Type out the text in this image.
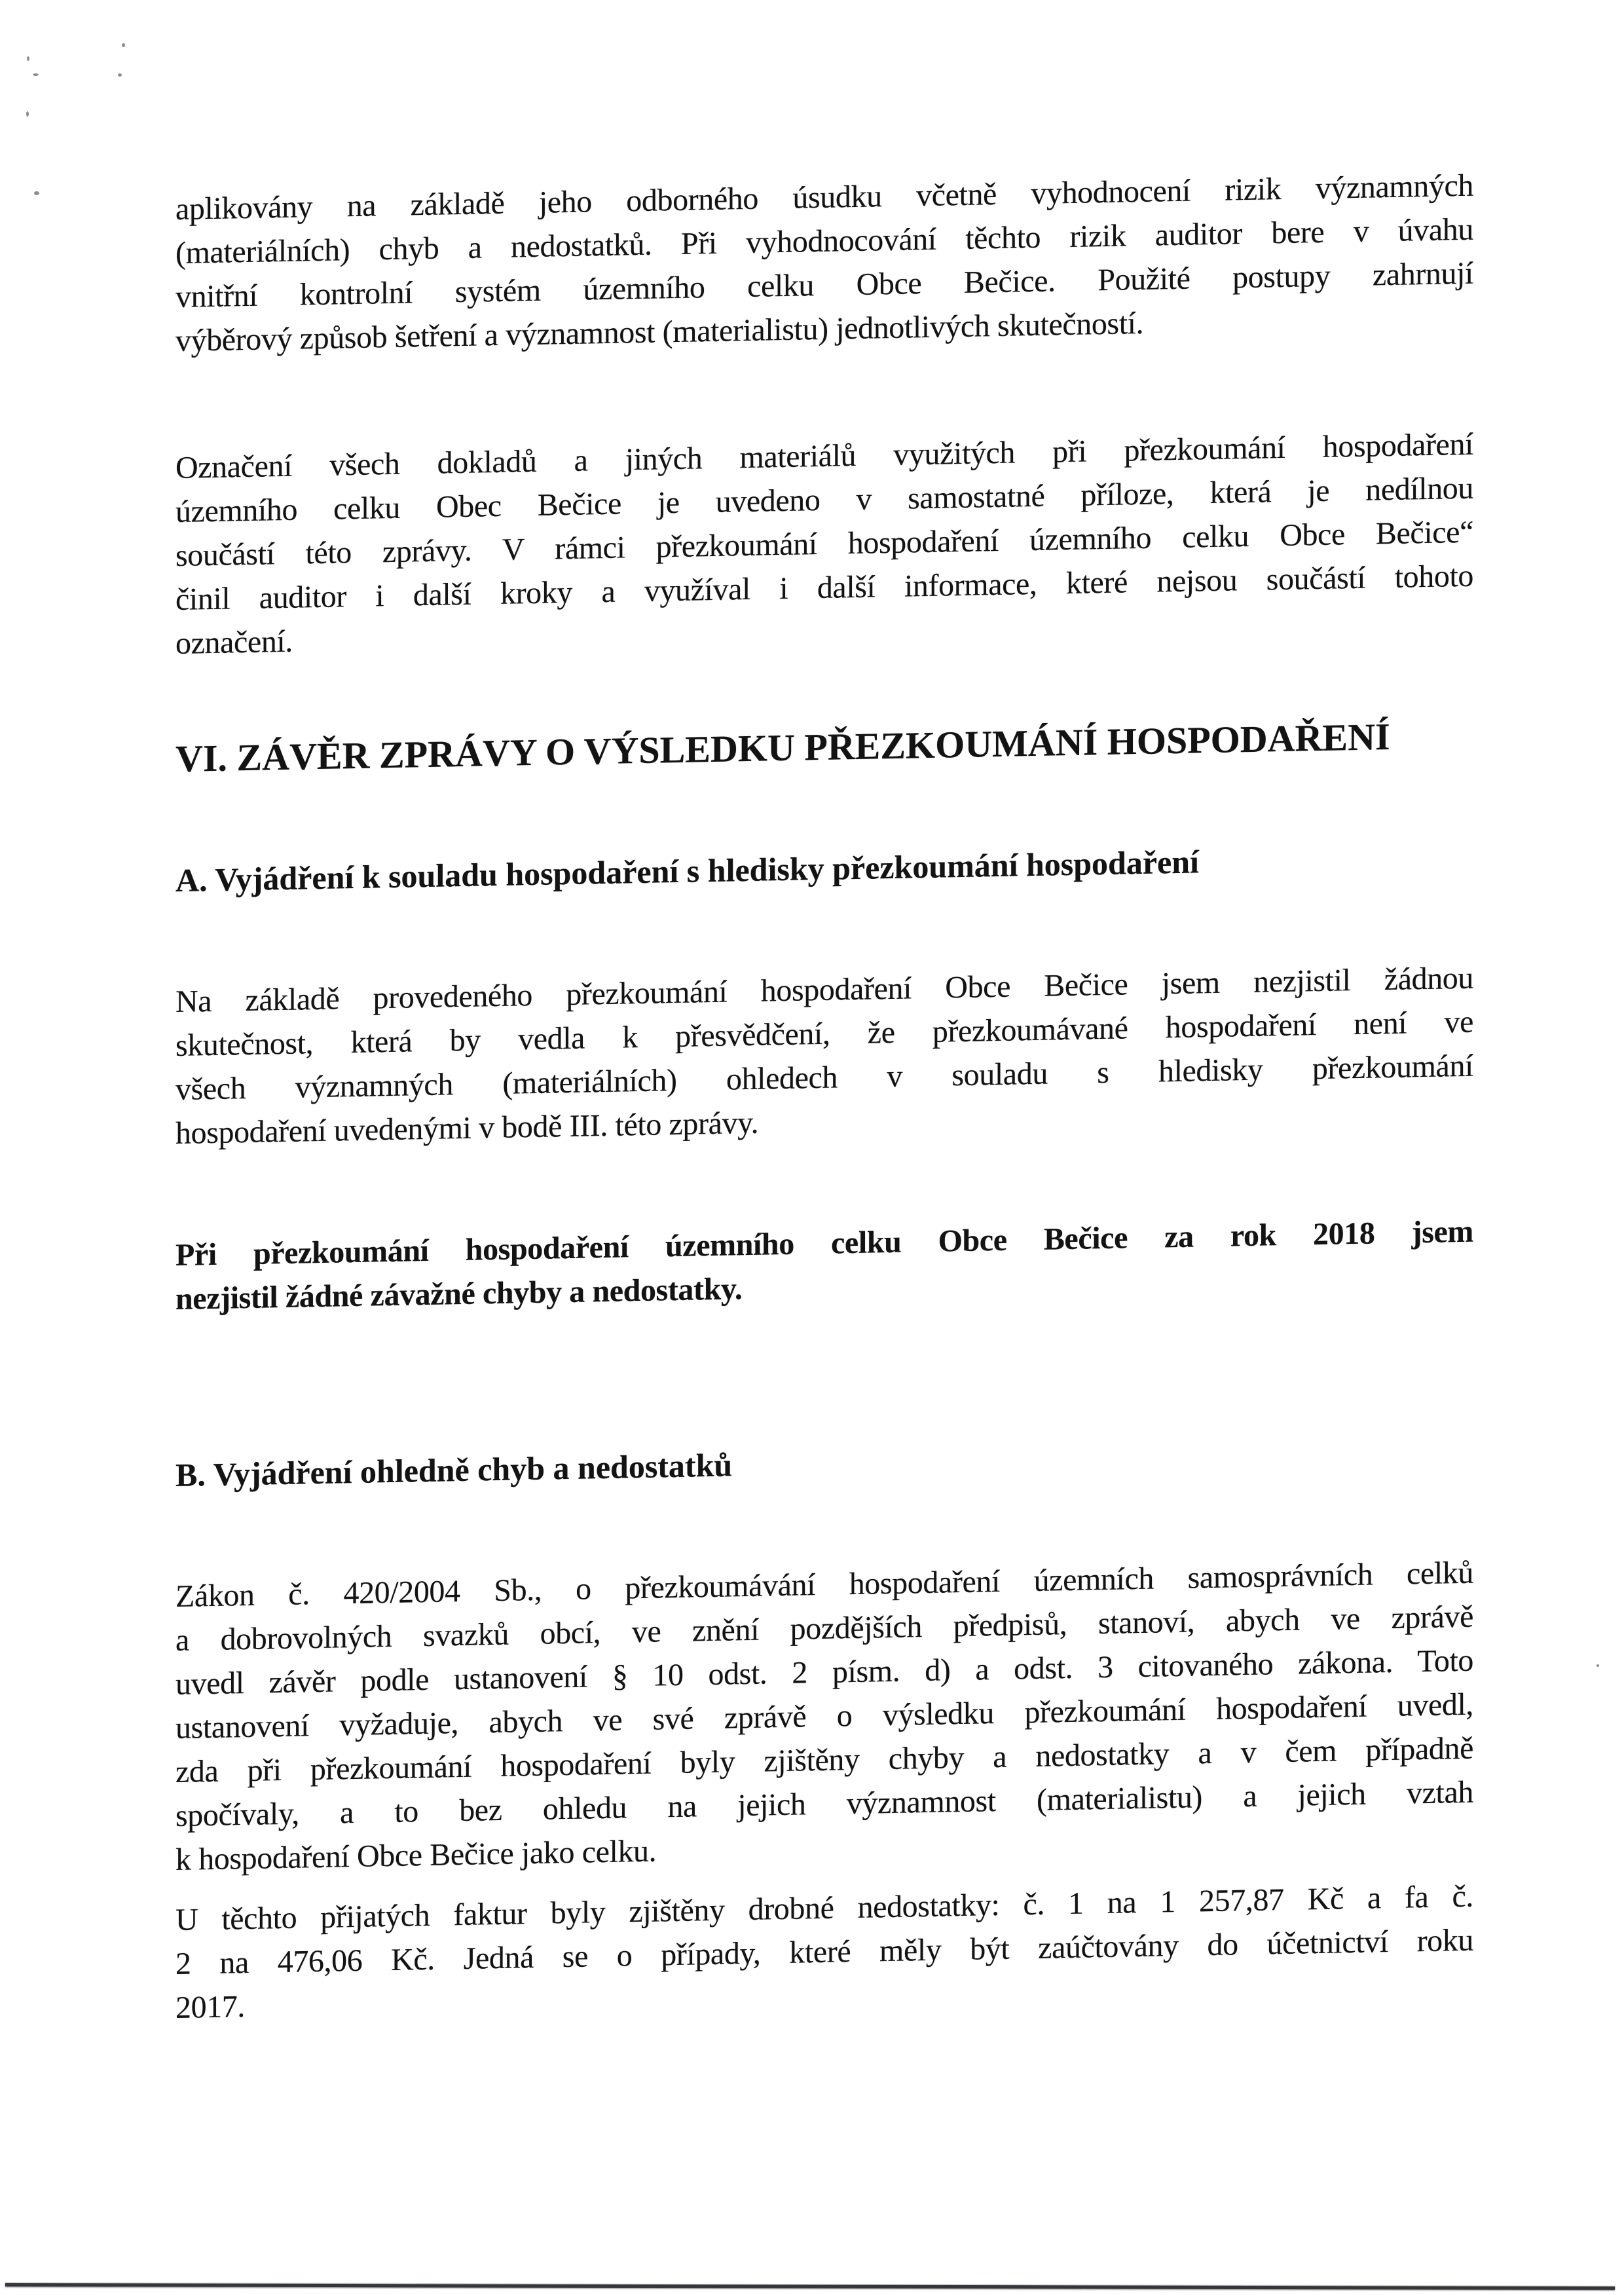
aplikovány na základě jeho odborného úsudku včetně vyhodnocení rizik významných
(materiálních) chyb a nedostatků. Při vyhodnocování těchto rizik auditor bere v úvahu
vnitřní kontrolní systém územního celku Obce Bečice. Použité postupy zahrnují
výběrový způsob šetření a významnost (materialistu) jednotlivých skutečností.
Označení všech dokladů a jiných materiálů využitých při přezkoumání hospodaření
územního celku Obec Bečice je uvedeno v samostatné příloze, která je nedílnou
součástí této zprávy. V rámci přezkoumání hospodaření územního celku Obce Bečice“
činil auditor i další kroky a využíval i další informace, které nejsou součástí tohoto
označení.
VI. ZÁVĚR ZPRÁVY O VÝSLEDKU PŘEZKOUMÁNÍ HOSPODAŘENÍ
A. Vyjádření k souladu hospodaření s hledisky přezkoumání hospodaření
Na základě provedeného přezkoumání hospodaření Obce Bečice jsem nezjistil žádnou
skutečnost, která by vedla k přesvědčení, že přezkoumávané hospodaření není ve
všech významných (materiálních) ohledech v souladu s hledisky přezkoumání
hospodaření uvedenými v bodě III. této zprávy.
Při přezkoumání hospodaření územního celku Obce Bečice za rok 2018 jsem
nezjistil žádné závažné chyby a nedostatky.
B. Vyjádření ohledně chyb a nedostatků
Zákon č. 420/2004 Sb., o přezkoumávání hospodaření územních samosprávních celků
a dobrovolných svazků obcí, ve znění pozdějších předpisů, stanoví, abych ve zprávě
uvedl závěr podle ustanovení § 10 odst. 2 písm. d) a odst. 3 citovaného zákona. Toto
ustanovení vyžaduje, abych ve své zprávě o výsledku přezkoumání hospodaření uvedl,
zda při přezkoumání hospodaření byly zjištěny chyby a nedostatky a v čem případně
spočívaly, a to bez ohledu na jejich významnost (materialistu) a jejich vztah
k hospodaření Obce Bečice jako celku.
U těchto přijatých faktur byly zjištěny drobné nedostatky: č. 1 na 1 257,87 Kč a fa č.
2 na 476,06 Kč. Jedná se o případy, které měly být zaúčtovány do účetnictví roku
2017.
